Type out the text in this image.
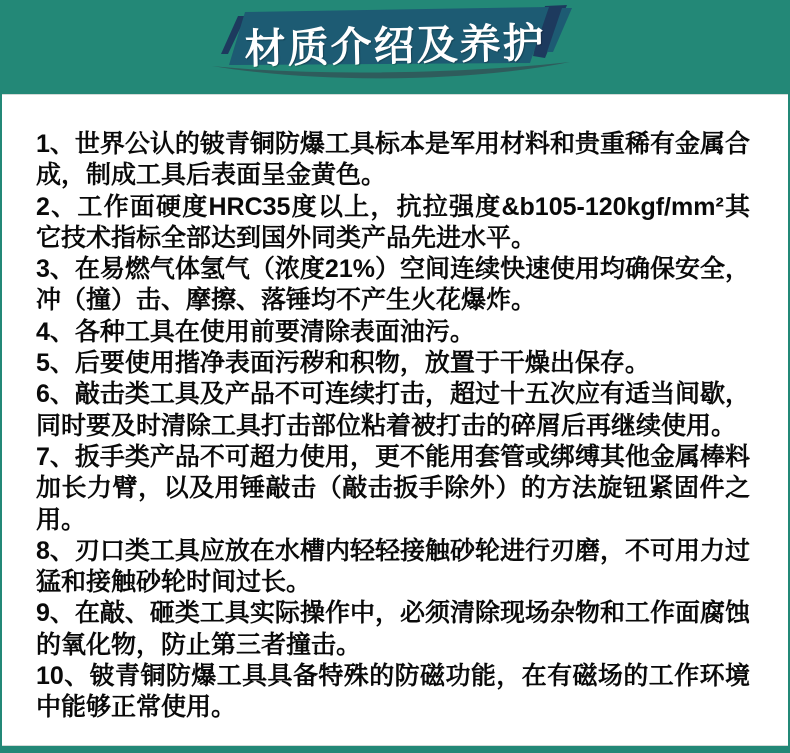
材质介绍及养护

1、世界公认的铍青铜防爆工具标本是军用材料和贵重稀有金属合成，制成工具后表面呈金黄色。

2、工作面硬度HRC35度以上，抗拉强度&b105-120kgf/mm²其它技术指标全部达到国外同类产品先进水平。

3、在易燃气体氢气（浓度21%）空间连续快速使用均确保安全，冲（撞）击、摩擦、落锤均不产生火花爆炸。

4、各种工具在使用前要清除表面油污。

5、后要使用揩净表面污秽和积物，放置于干燥出保存。

6、敲击类工具及产品不可连续打击，超过十五次应有适当间歇，同时要及时清除工具打击部位粘着被打击的碎屑后再继续使用。

7、扳手类产品不可超力使用，更不能用套管或绑缚其他金属棒料加长力臂，以及用锤敲击（敲击扳手除外）的方法旋钮紧固件之用。

8、刃口类工具应放在水槽内轻轻接触砂轮进行刃磨，不可用力过猛和接触砂轮时间过长。

9、在敲、砸类工具实际操作中，必须清除现场杂物和工作面腐蚀的氧化物，防止第三者撞击。

10、铍青铜防爆工具具备特殊的防磁功能，在有磁场的工作环境中能够正常使用。
